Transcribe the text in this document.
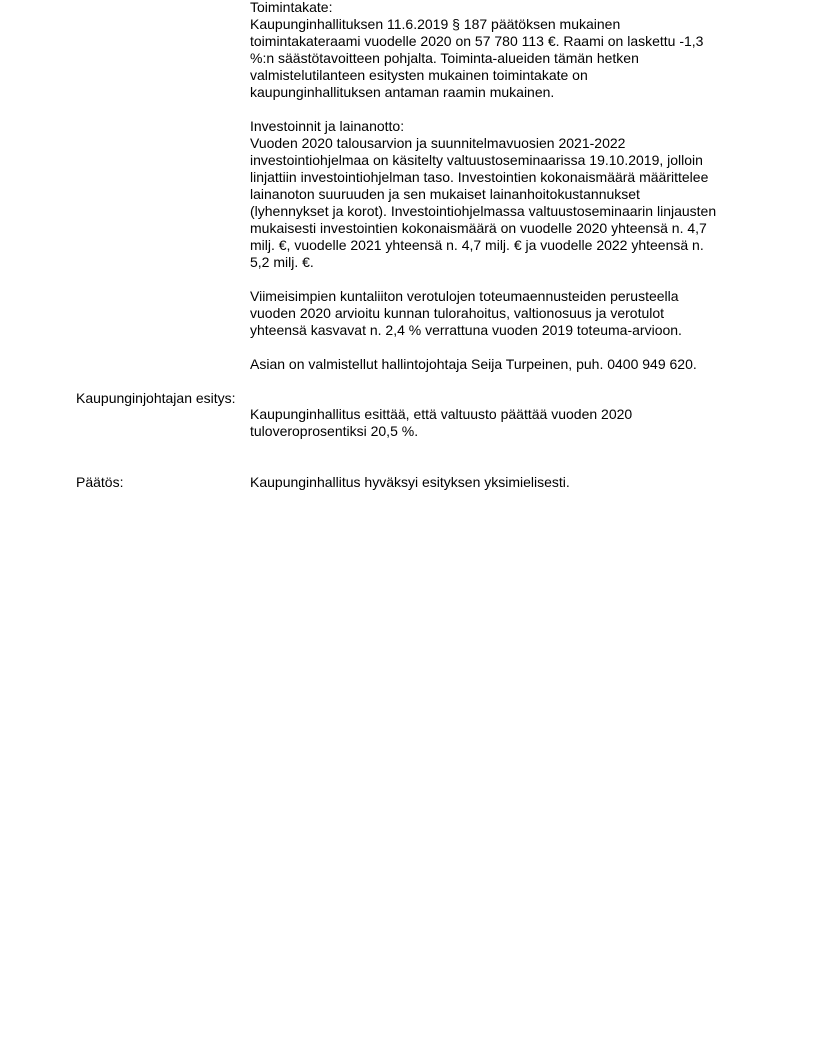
Toimintakate:
Kaupunginhallituksen 11.6.2019 § 187 päätöksen mukainen
toimintakateraami vuodelle 2020 on 57 780 113 €. Raami on laskettu -1,3
%:n säästötavoitteen pohjalta. Toiminta-alueiden tämän hetken
valmistelutilanteen esitysten mukainen toimintakate on
kaupunginhallituksen antaman raamin mukainen.
Investoinnit ja lainanotto:
Vuoden 2020 talousarvion ja suunnitelmavuosien 2021-2022
investointiohjelmaa on käsitelty valtuustoseminaarissa 19.10.2019, jolloin
linjattiin investointiohjelman taso. Investointien kokonaismäärä määrittelee
lainanoton suuruuden ja sen mukaiset lainanhoitokustannukset
(lyhennykset ja korot). Investointiohjelmassa valtuustoseminaarin linjausten
mukaisesti investointien kokonaismäärä on vuodelle 2020 yhteensä n. 4,7
milj. €, vuodelle 2021 yhteensä n. 4,7 milj. € ja vuodelle 2022 yhteensä n.
5,2 milj. €.
Viimeisimpien kuntaliiton verotulojen toteumaennusteiden perusteella
vuoden 2020 arvioitu kunnan tulorahoitus, valtionosuus ja verotulot
yhteensä kasvavat n. 2,4 % verrattuna vuoden 2019 toteuma-arvioon.
Asian on valmistellut hallintojohtaja Seija Turpeinen, puh. 0400 949 620.
Kaupunginjohtajan esitys:
Kaupunginhallitus esittää, että valtuusto päättää vuoden 2020
tuloveroprosentiksi 20,5 %.
Päätös:	Kaupunginhallitus hyväksyi esityksen yksimielisesti.
